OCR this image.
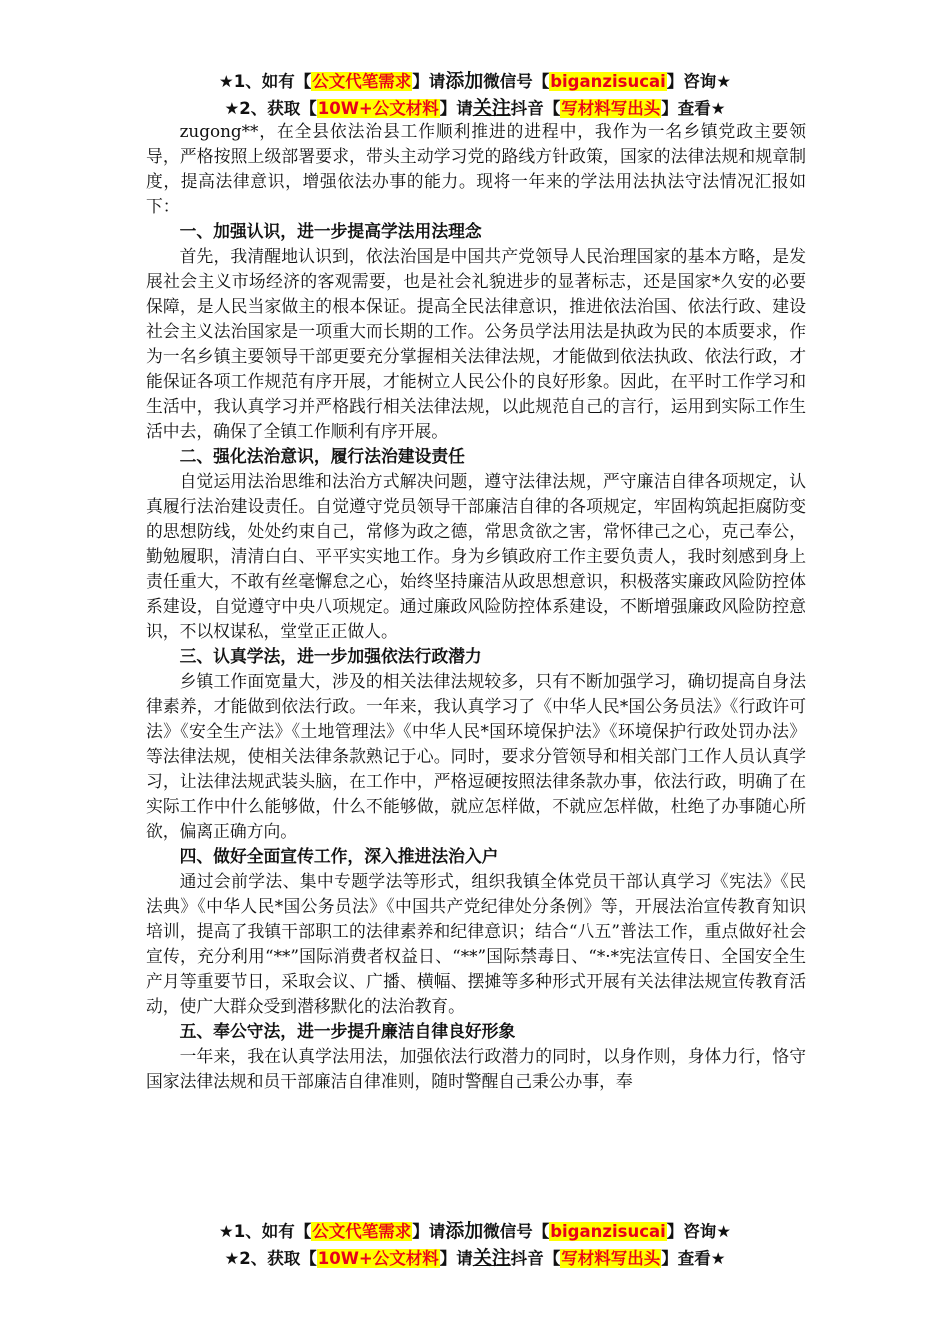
★1、如有【公文代笔需求】请添加微信号【biganzisucai】咨询★
★2、获取【10W+公文材料】请关注抖音【写材料写出头】查看★

zugong**，在全县依法治县工作顺利推进的进程中，我作为一名乡镇党政主要领导，严格按照上级部署要求，带头主动学习党的路线方针政策，国家的法律法规和规章制度，提高法律意识，增强依法办事的能力。现将一年来的学法用法执法守法情况汇报如下：

一、加强认识，进一步提高学法用法理念

首先，我清醒地认识到，依法治国是中国共产党领导人民治理国家的基本方略，是发展社会主义市场经济的客观需要，也是社会礼貌进步的显著标志，还是国家*久安的必要保障，是人民当家做主的根本保证。提高全民法律意识，推进依法治国、依法行政、建设社会主义法治国家是一项重大而长期的工作。公务员学法用法是执政为民的本质要求，作为一名乡镇主要领导干部更要充分掌握相关法律法规，才能做到依法执政、依法行政，才能保证各项工作规范有序开展，才能树立人民公仆的良好形象。因此，在平时工作学习和生活中，我认真学习并严格践行相关法律法规，以此规范自己的言行，运用到实际工作生活中去，确保了全镇工作顺利有序开展。

二、强化法治意识，履行法治建设责任

自觉运用法治思维和法治方式解决问题，遵守法律法规，严守廉洁自律各项规定，认真履行法治建设责任。自觉遵守党员领导干部廉洁自律的各项规定，牢固构筑起拒腐防变的思想防线，处处约束自己，常修为政之德，常思贪欲之害，常怀律己之心，克己奉公，勤勉履职，清清白白、平平实实地工作。身为乡镇政府工作主要负责人，我时刻感到身上责任重大，不敢有丝毫懈怠之心，始终坚持廉洁从政思想意识，积极落实廉政风险防控体系建设，自觉遵守中央八项规定。通过廉政风险防控体系建设，不断增强廉政风险防控意识，不以权谋私，堂堂正正做人。

三、认真学法，进一步加强依法行政潜力

乡镇工作面宽量大，涉及的相关法律法规较多，只有不断加强学习，确切提高自身法律素养，才能做到依法行政。一年来，我认真学习了《中华人民*国公务员法》《行政许可法》《安全生产法》《土地管理法》《中华人民*国环境保护法》《环境保护行政处罚办法》等法律法规，使相关法律条款熟记于心。同时，要求分管领导和相关部门工作人员认真学习，让法律法规武装头脑，在工作中，严格逗硬按照法律条款办事，依法行政，明确了在实际工作中什么能够做，什么不能够做，就应怎样做，不就应怎样做，杜绝了办事随心所欲，偏离正确方向。

四、做好全面宣传工作，深入推进法治入户

通过会前学法、集中专题学法等形式，组织我镇全体党员干部认真学习《宪法》《民法典》《中华人民*国公务员法》《中国共产党纪律处分条例》等，开展法治宣传教育知识培训，提高了我镇干部职工的法律素养和纪律意识；结合“八五”普法工作，重点做好社会宣传，充分利用“**”国际消费者权益日、“**”国际禁毒日、“*·*宪法宣传日、全国安全生产月等重要节日，采取会议、广播、横幅、摆摊等多种形式开展有关法律法规宣传教育活动，使广大群众受到潜移默化的法治教育。

五、奉公守法，进一步提升廉洁自律良好形象

一年来，我在认真学法用法，加强依法行政潜力的同时，以身作则，身体力行，恪守国家法律法规和员干部廉洁自律准则，随时警醒自己秉公办事，奉

★1、如有【公文代笔需求】请添加微信号【biganzisucai】咨询★
★2、获取【10W+公文材料】请关注抖音【写材料写出头】查看★
